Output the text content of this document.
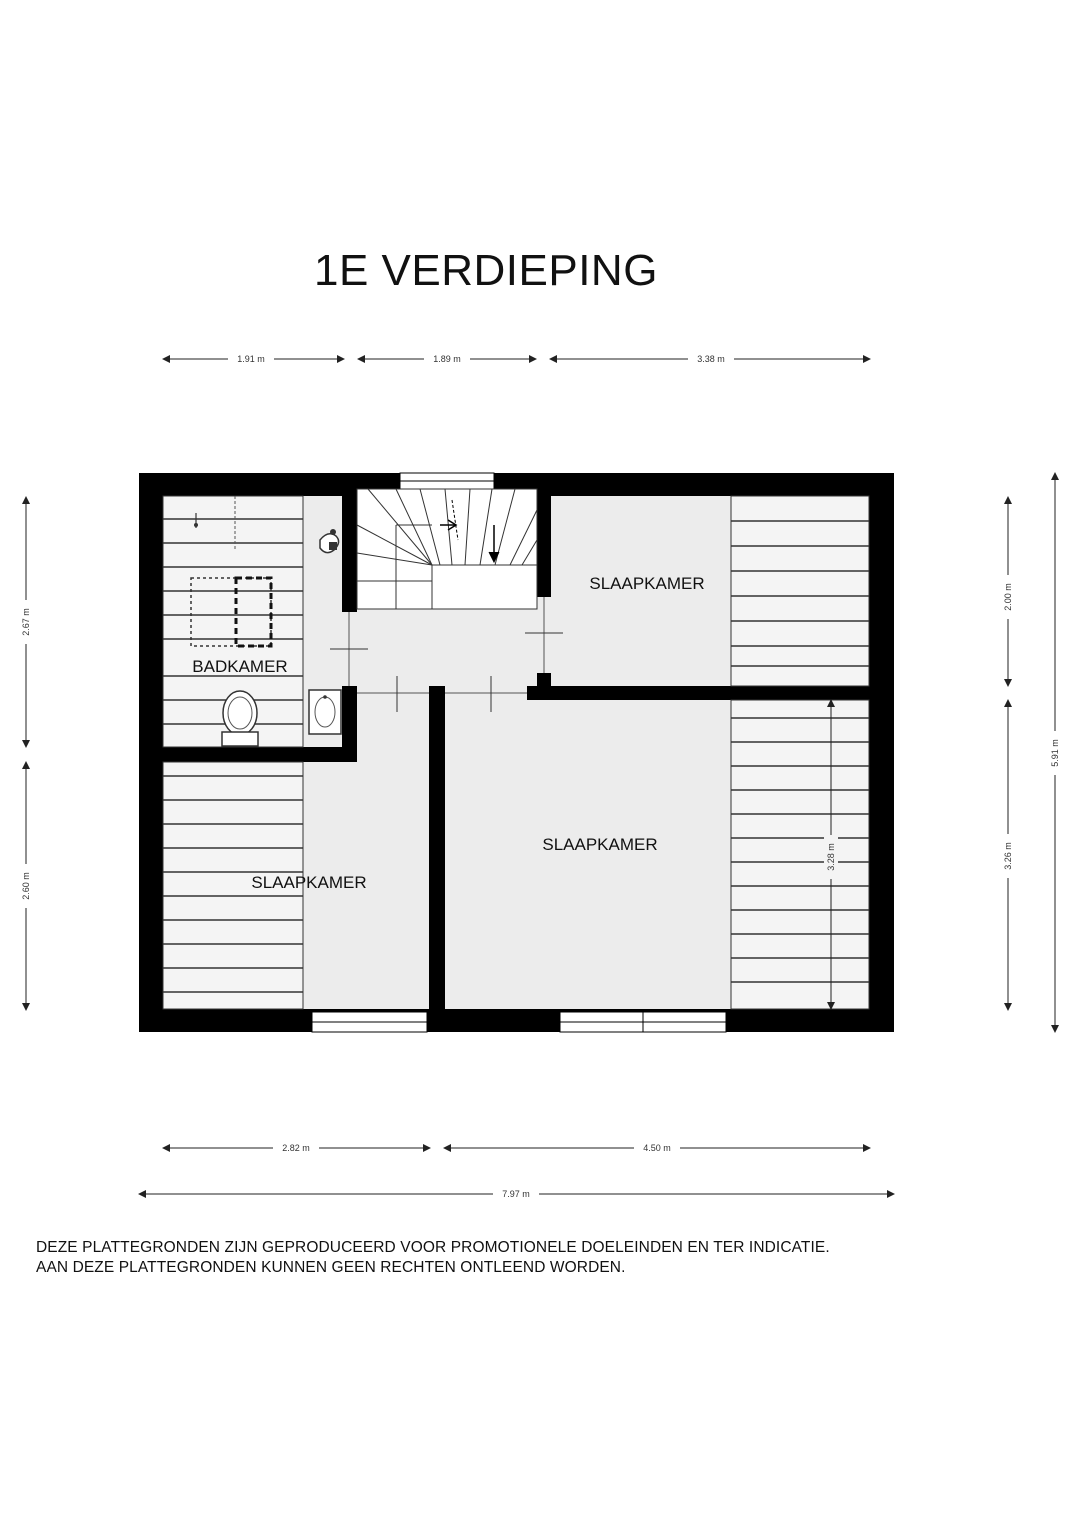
1E VERDIEPING
1.91 m	1.89 m	3.38 m
2.82 m	4.50 m
7.97 m
2.67 m
2.60 m
2.00 m
3.26 m
5.91 m
3.28 m
BADKAMER
SLAAPKAMER
SLAAPKAMER
SLAAPKAMER
DEZE PLATTEGRONDEN ZIJN GEPRODUCEERD VOOR PROMOTIONELE DOELEINDEN EN TER INDICATIE.
AAN DEZE PLATTEGRONDEN KUNNEN GEEN RECHTEN ONTLEEND WORDEN.
